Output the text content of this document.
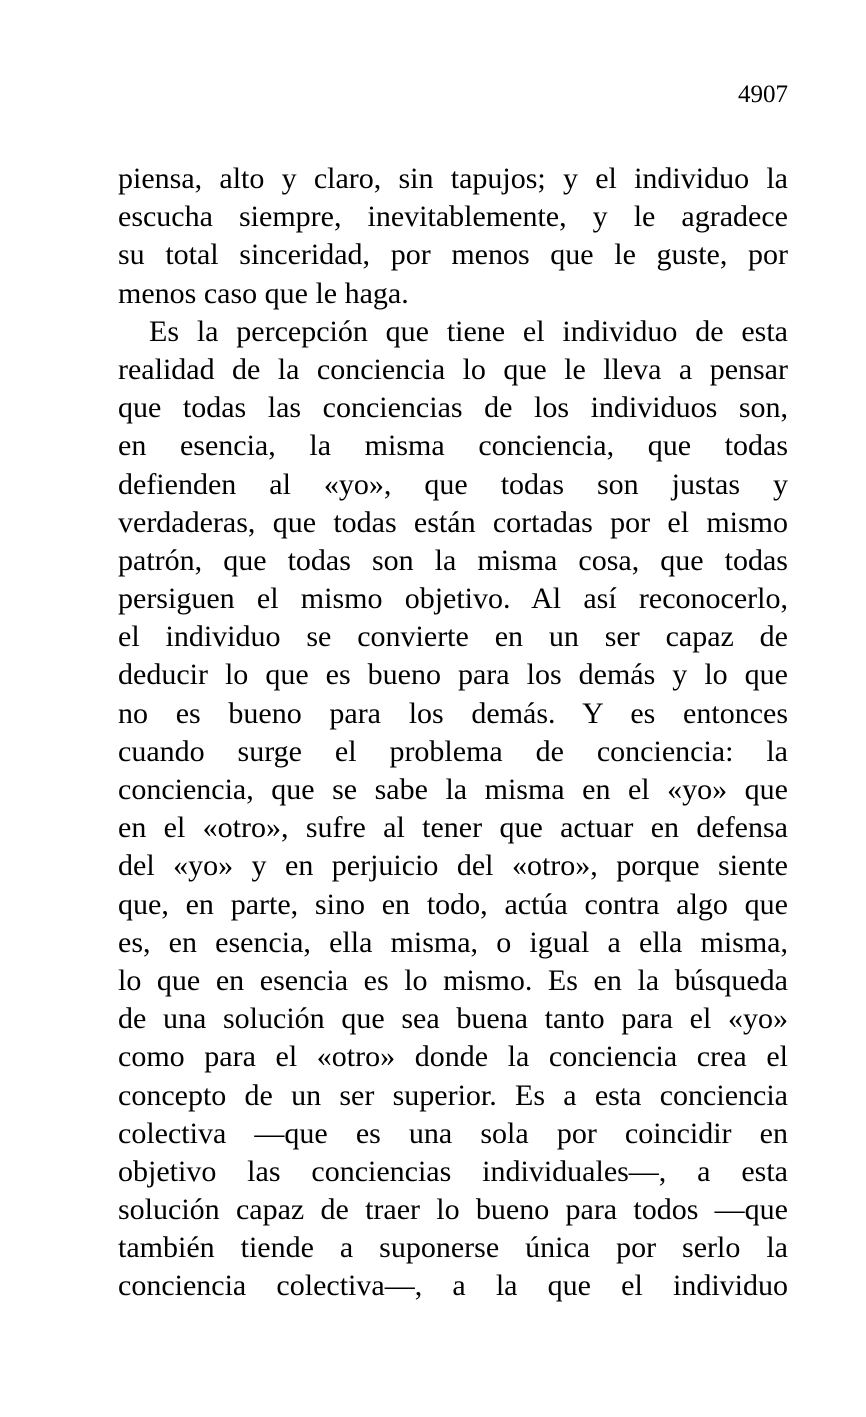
4907
piensa, alto y claro, sin tapujos; y el individuo la
escucha siempre, inevitablemente, y le agradece
su total sinceridad, por menos que le guste, por
menos caso que le haga.
Es la percepción que tiene el individuo de esta
realidad de la conciencia lo que le lleva a pensar
que todas las conciencias de los individuos son,
en esencia, la misma conciencia, que todas
defienden al «yo», que todas son justas y
verdaderas, que todas están cortadas por el mismo
patrón, que todas son la misma cosa, que todas
persiguen el mismo objetivo. Al así reconocerlo,
el individuo se convierte en un ser capaz de
deducir lo que es bueno para los demás y lo que
no es bueno para los demás. Y es entonces
cuando surge el problema de conciencia: la
conciencia, que se sabe la misma en el «yo» que
en el «otro», sufre al tener que actuar en defensa
del «yo» y en perjuicio del «otro», porque siente
que, en parte, sino en todo, actúa contra algo que
es, en esencia, ella misma, o igual a ella misma,
lo que en esencia es lo mismo. Es en la búsqueda
de una solución que sea buena tanto para el «yo»
como para el «otro» donde la conciencia crea el
concepto de un ser superior. Es a esta conciencia
colectiva —que es una sola por coincidir en
objetivo las conciencias individuales—, a esta
solución capaz de traer lo bueno para todos —que
también tiende a suponerse única por serlo la
conciencia colectiva—, a la que el individuo
